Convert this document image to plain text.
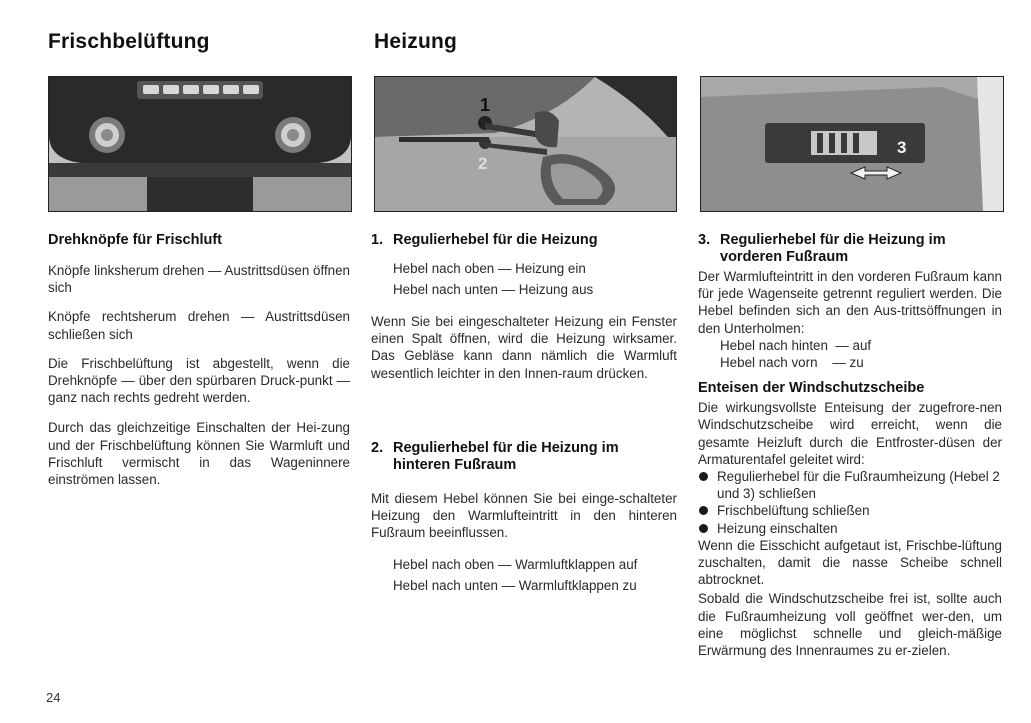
Frischbelüftung	Heizung
1
2
3
Drehknöpfe für Frischluft

Knöpfe linksherum drehen — Austrittsdüsen öffnen sich

Knöpfe rechtsherum drehen — Austrittsdüsen schließen sich

Die Frischbelüftung ist abgestellt, wenn die Drehknöpfe — über den spürbaren Druck-punkt — ganz nach rechts gedreht werden.

Durch das gleichzeitige Einschalten der Hei-zung und der Frischbelüftung können Sie Warmluft und Frischluft vermischt in das Wageninnere einströmen lassen.

1. Regulierhebel für die Heizung
Hebel nach oben — Heizung ein
Hebel nach unten — Heizung aus

Wenn Sie bei eingeschalteter Heizung ein Fenster einen Spalt öffnen, wird die Heizung wirksamer. Das Gebläse kann dann nämlich die Warmluft wesentlich leichter in den Innen-raum drücken.

2. Regulierhebel für die Heizung im
hinteren Fußraum

Mit diesem Hebel können Sie bei einge-schalteter Heizung den Warmlufteintritt in den hinteren Fußraum beeinflussen.

Hebel nach oben — Warmluftklappen auf
Hebel nach unten — Warmluftklappen zu
3. Regulierhebel für die Heizung im
vorderen Fußraum

Der Warmlufteintritt in den vorderen Fußraum kann für jede Wagenseite getrennt reguliert werden. Die Hebel befinden sich an den Aus-trittsöffnungen in den Unterholmen:

Hebel nach hinten  — auf
Hebel nach vorn    — zu
Enteisen der Windschutzscheibe

Die wirkungsvollste Enteisung der zugefrore-nen Windschutzscheibe wird erreicht, wenn die gesamte Heizluft durch die Entfroster-düsen der Armaturentafel geleitet wird:

Regulierhebel für die Fußraumheizung (Hebel 2 und 3) schließen
Frischbelüftung schließen
Heizung einschalten

Wenn die Eisschicht aufgetaut ist, Frischbe-lüftung zuschalten, damit die nasse Scheibe schnell abtrocknet.

Sobald die Windschutzscheibe frei ist, sollte auch die Fußraumheizung voll geöffnet wer-den, um eine möglichst schnelle und gleich-mäßige Erwärmung des Innenraumes zu er-zielen.

24
